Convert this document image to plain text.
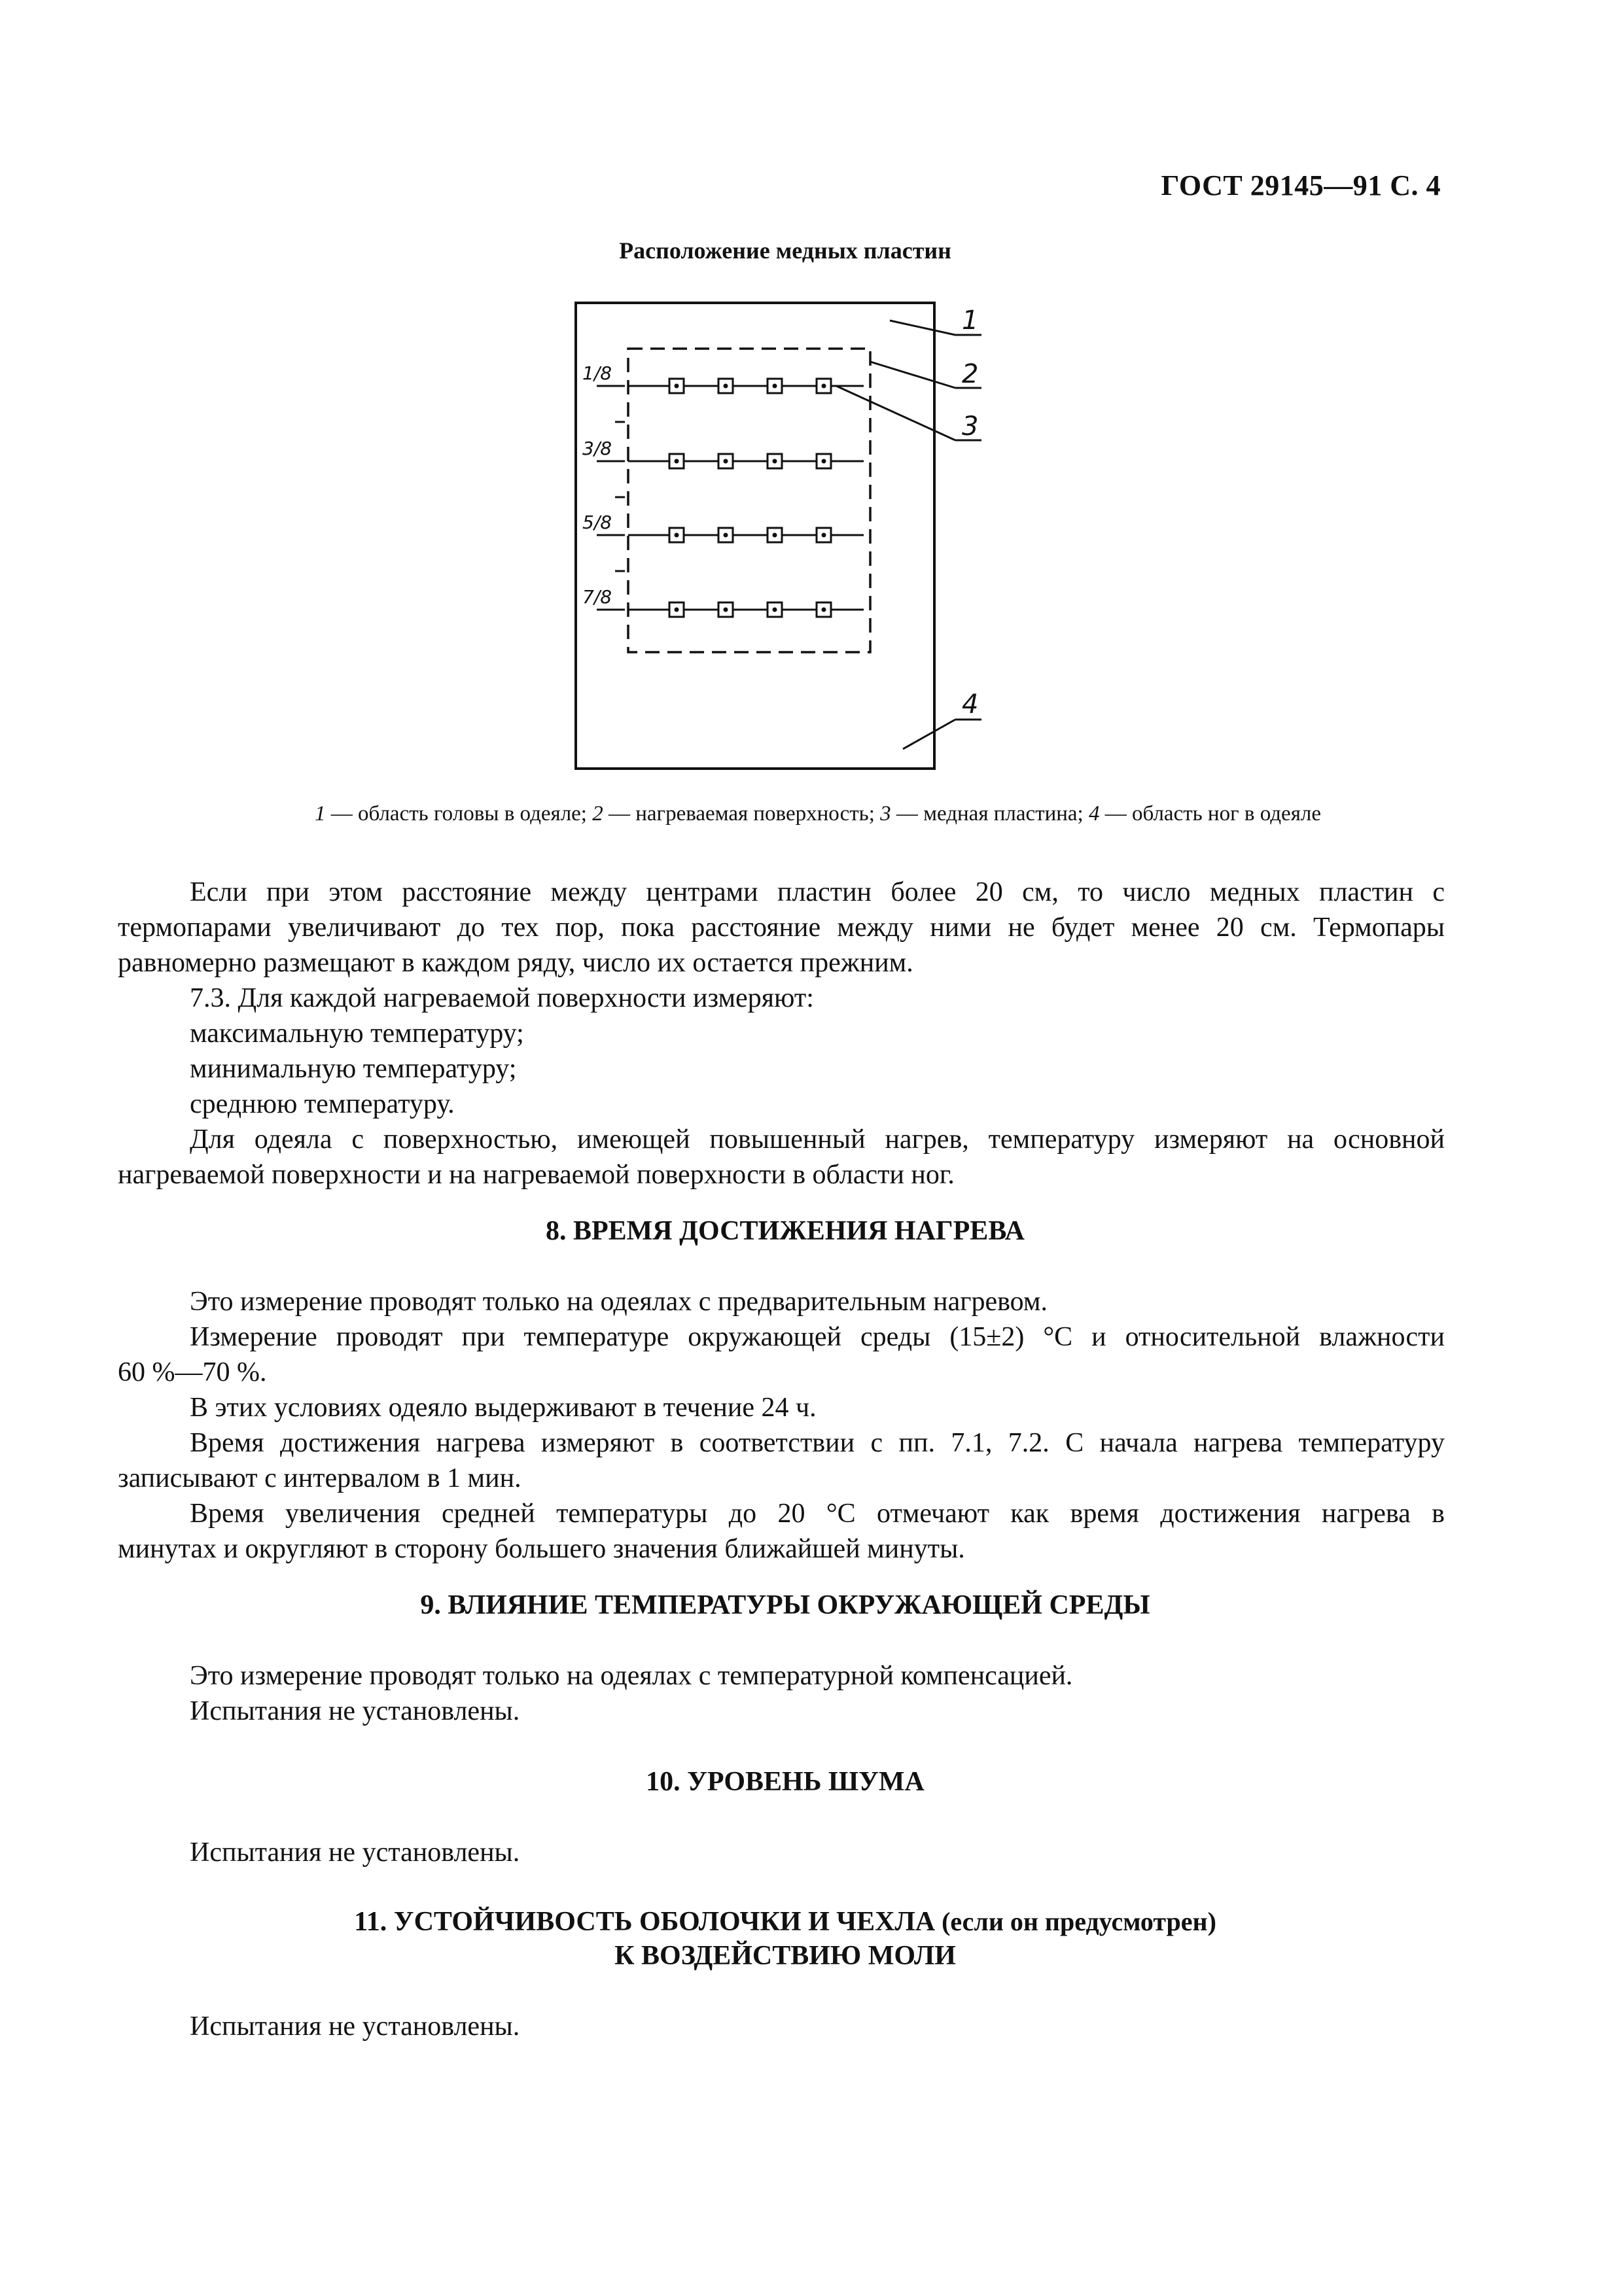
ГОСТ 29145—91 С. 4
Расположение медных пластин
1
2
3
4
1/8
3/8
5/8
7/8
1 — область головы в одеяле; 2 — нагреваемая поверхность; 3 — медная пластина; 4 — область ног в одеяле
Если при этом расстояние между центрами пластин более 20 см, то число медных пластин с
термопарами увеличивают до тех пор, пока расстояние между ними не будет менее 20 см. Термопары
равномерно размещают в каждом ряду, число их остается прежним.
7.3. Для каждой нагреваемой поверхности измеряют:
максимальную температуру;
минимальную температуру;
среднюю температуру.
Для одеяла с поверхностью, имеющей повышенный нагрев, температуру измеряют на основной
нагреваемой поверхности и на нагреваемой поверхности в области ног.
8. ВРЕМЯ ДОСТИЖЕНИЯ НАГРЕВА
Это измерение проводят только на одеялах с предварительным нагревом.
Измерение проводят при температуре окружающей среды (15±2) °С и относительной влажности
60 %—70 %.
В этих условиях одеяло выдерживают в течение 24 ч.
Время достижения нагрева измеряют в соответствии с пп. 7.1, 7.2. С начала нагрева температуру
записывают с интервалом в 1 мин.
Время увеличения средней температуры до 20 °С отмечают как время достижения нагрева в
минутах и округляют в сторону большего значения ближайшей минуты.
9. ВЛИЯНИЕ ТЕМПЕРАТУРЫ ОКРУЖАЮЩЕЙ СРЕДЫ
Это измерение проводят только на одеялах с температурной компенсацией.
Испытания не установлены.
10. УРОВЕНЬ ШУМА
Испытания не установлены.
11. УСТОЙЧИВОСТЬ ОБОЛОЧКИ И ЧЕХЛА (если он предусмотрен)
К ВОЗДЕЙСТВИЮ МОЛИ
Испытания не установлены.
